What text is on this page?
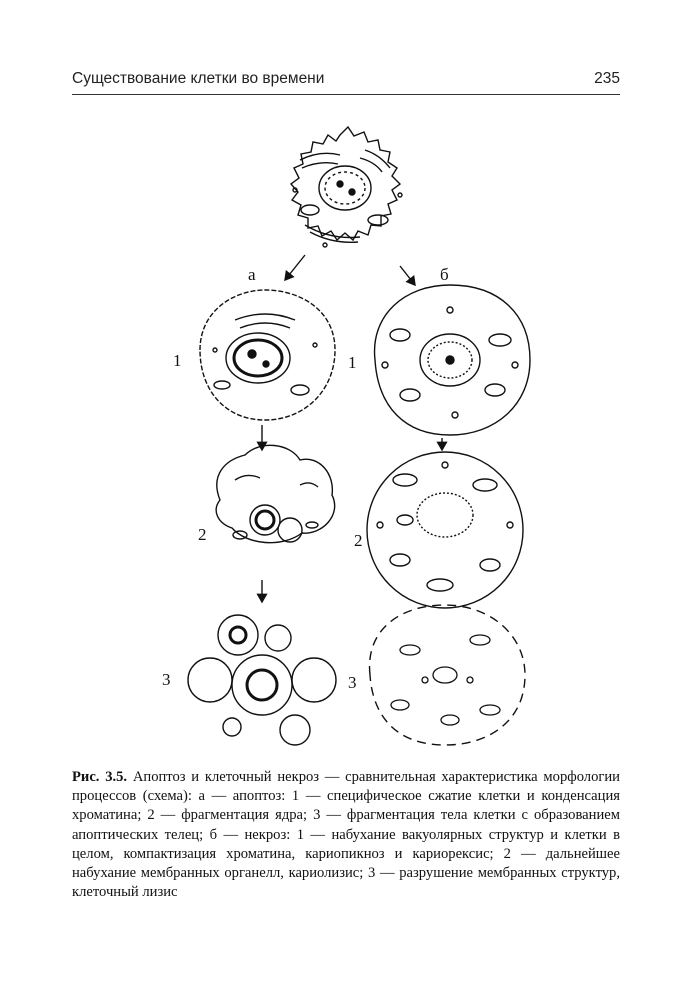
Существование клетки во времени	235
а	б
1	1
2	2
3	3
Рис. 3.5. Апоптоз и клеточный некроз — сравнительная характеристика морфологии процессов (схема): а — апоптоз: 1 — специфическое сжатие клетки и конденсация хроматина; 2 — фрагментация ядра; 3 — фрагментация тела клетки с образованием апоптических телец; б — некроз: 1 — набухание вакуолярных структур и клетки в целом, компактизация хроматина, кариопикноз и кариорексис; 2 — дальнейшее набухание мембранных органелл, кариолизис; 3 — разрушение мембранных структур, клеточный лизис
